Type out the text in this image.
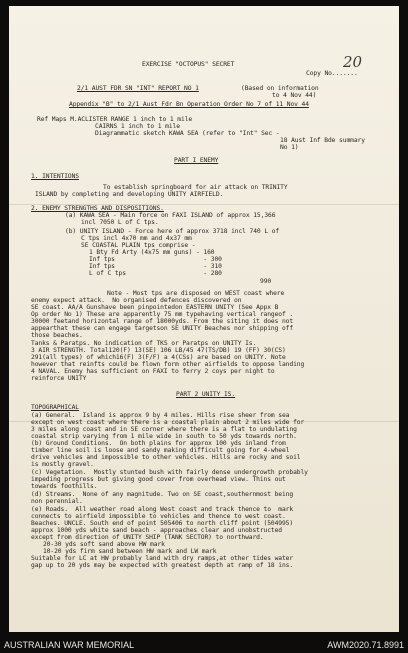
EXERCISE "OCTOPUS" SECRET
Copy No.......
20
2/1 AUST FDR SN "INT" REPORT NO 1	(Based on information
to 4 Nov 44)
Appendix "B" to 2/1 Aust Fdr Bn Operation Order No 7 of 11 Nov 44
Ref Maps M.ACLISTER RANGE 1 inch to 1 mile
CAIRNS 1 inch to 1 mile
Diagrammatic sketch KAWA SEA (refer to "Int" Sec -
18 Aust Inf Bde summary
No 1)
PART I ENEMY
1. INTENTIONS
To establish springboard for air attack on TRINITY
ISLAND by completing and developing UNITY AIRFIELD.
2. ENEMY STRENGTHS AND DISPOSITIONS.
(a) KAWA SEA - Main force on FAXI ISLAND of approx 15,366
incl 7050 L of C tps.
(b) UNITY ISLAND - Force here of approx 3718 incl 740 L of
C tps incl 4x70 mm and 4x37 mm
SE COASTAL PLAIN tps comprise -
1 Bty Fd Arty (4x75 mm guns) - 160
Inf tps                        - 300
Inf tps                        - 310
L of C tps                     - 280
990
Note - Most tps are disposed on WEST coast where
enemy expect attack.  No organised defences discovered on
SE coast. AA/A Gunshave been pinpointedon EASTERN UNITY (See Appx B
Op order No 1) These are apparently 75 mm typehaving vertical rangeof .
30000 feetand horizontal range of 18000yds. From the siting it does not
appearthat these can engage targetson SE UNITY Beaches nor shipping off
those beaches.
Tanks & Paratps. No indication of TKS or Paratps on UNITY Is.
3 AIR STRENGTH. Total120(F) 13(SE) 106 LB/45 47(TS/DB) 19 (FF) 30(CS)
291(all types) of which16(F) 3(F/F) a 4(CSs) are based on UNITY. Note
however that reinfts could be flown form other airfields to oppose landing
4 NAVAL. Enemy has sufficient on FAXI to ferry 2 coys per night to
reinforce UNITY
PART 2 UNITY IS.
TOPOGRAPHICAL
(a) General.  Island is approx 9 by 4 miles. Hills rise sheer from sea
except on west coast where there is a coastal plain about 2 miles wide for
3 miles along coast and in SE corner where there is a flat to undulating
coastal strip varying from 1 mile wide in south to 50 yds towards north.
(b) Ground Conditions.  On both plains for approx 100 yds inland from
timber line soil is loose and sandy making difficult going for 4-wheel
drive vehicles and impossible to other vehicles. Hills are rocky and soil
is mostly gravel.
(c) Vegetation.  Mostly stunted bush with fairly dense undergrowth probably
impeding progress but giving good cover from overhead view. Thins out
towards foothills.
(d) Streams.  None of any magnitude. Two on SE coast,southernmost being
non perennial.
(e) Roads.  All weather road along West coast and track thence to  mark
connects to airfield impossible to vehicles and thence to west coast.
Beaches. UNCLE. South end of point 505406 to north cliff point (504995)
approx 1000 yds white sand beach - approaches clear and unobstructed
except from direction of UNITY SHIP (TANK SECTOR) to northward.
20-30 yds soft sand above HW mark
10-20 yds firm sand between HW mark and LW mark
Suitable for LC at HW probably land with dry ramps,at other tides water
gap up to 20 yds may be expected with greatest depth at ramp of 18 ins.
AUSTRALIAN WAR MEMORIAL	AWM2020.71.8991
